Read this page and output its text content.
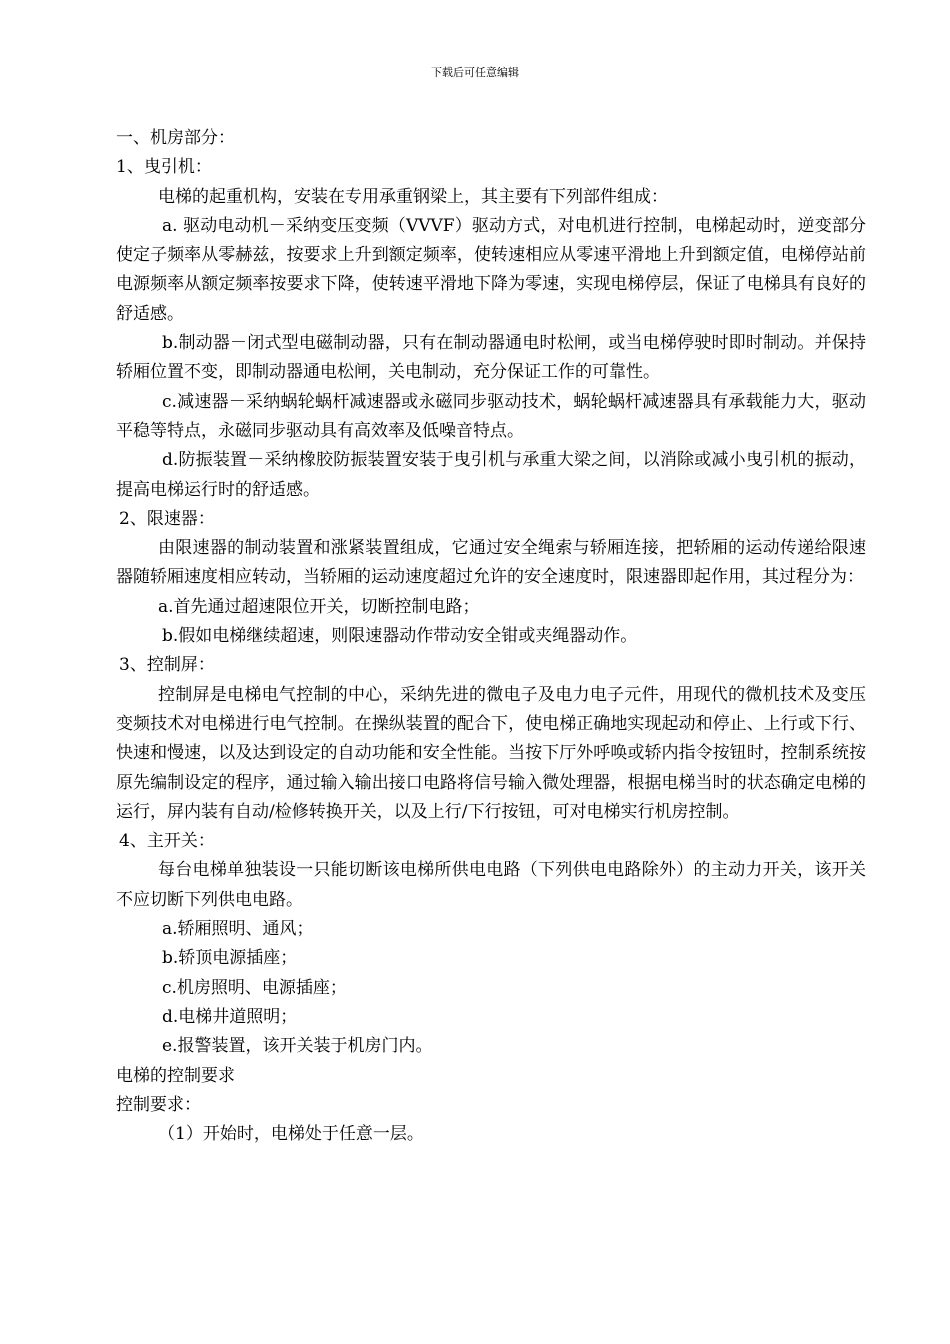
下载后可任意编辑

一、机房部分：

1、曳引机：

电梯的起重机构，安装在专用承重钢梁上，其主要有下列部件组成：

a. 驱动电动机－采纳变压变频（VVVF）驱动方式，对电机进行控制，电梯起动时，逆变部分使定子频率从零赫兹，按要求上升到额定频率，使转速相应从零速平滑地上升到额定值，电梯停站前电源频率从额定频率按要求下降，使转速平滑地下降为零速，实现电梯停层，保证了电梯具有良好的舒适感。

b.制动器－闭式型电磁制动器，只有在制动器通电时松闸，或当电梯停驶时即时制动。并保持轿厢位置不变，即制动器通电松闸，关电制动，充分保证工作的可靠性。

c.减速器－采纳蜗轮蜗杆减速器或永磁同步驱动技术，蜗轮蜗杆减速器具有承载能力大，驱动平稳等特点，永磁同步驱动具有高效率及低噪音特点。

d.防振装置－采纳橡胶防振装置安装于曳引机与承重大梁之间，以消除或减小曳引机的振动，提高电梯运行时的舒适感。

2、限速器：

由限速器的制动装置和涨紧装置组成，它通过安全绳索与轿厢连接，把轿厢的运动传递给限速器随轿厢速度相应转动，当轿厢的运动速度超过允许的安全速度时，限速器即起作用，其过程分为：

a.首先通过超速限位开关，切断控制电路；

b.假如电梯继续超速，则限速器动作带动安全钳或夹绳器动作。

3、控制屏：

控制屏是电梯电气控制的中心，采纳先进的微电子及电力电子元件，用现代的微机技术及变压变频技术对电梯进行电气控制。在操纵装置的配合下，使电梯正确地实现起动和停止、上行或下行、快速和慢速，以及达到设定的自动功能和安全性能。当按下厅外呼唤或轿内指令按钮时，控制系统按原先编制设定的程序，通过输入输出接口电路将信号输入微处理器，根据电梯当时的状态确定电梯的运行，屏内装有自动/检修转换开关，以及上行/下行按钮，可对电梯实行机房控制。

4、主开关：

每台电梯单独装设一只能切断该电梯所供电电路（下列供电电路除外）的主动力开关，该开关不应切断下列供电电路。

a.轿厢照明、通风；

b.轿顶电源插座；

c.机房照明、电源插座；

d.电梯井道照明；

e.报警装置，该开关装于机房门内。

电梯的控制要求

控制要求：

（1）开始时，电梯处于任意一层。
